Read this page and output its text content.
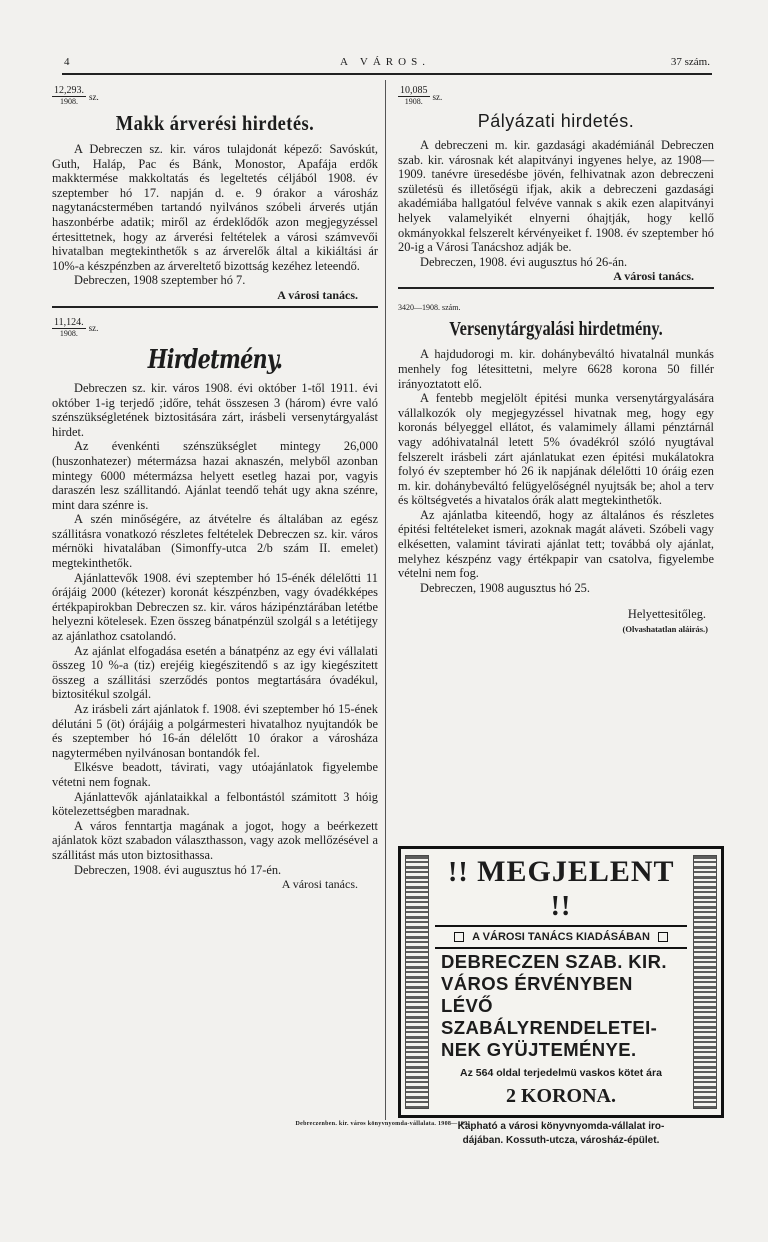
4	A VÁROS.	37 szám.
$\frac{12,293.}{1908.}$ sz.
Makk árverési hirdetés.

A Debreczen sz. kir. város tulajdonát képező: Savóskút, Guth, Haláp, Pac és Bánk, Monostor, Apafája erdők makktermése makkoltatás és legeltetés céljából 1908. év szeptember hó 17. napján d. e. 9 órakor a városház nagytanácstermében tartandó nyilvános szóbeli árverés utján haszonbérbe adatik; miről az érdeklődők azon megjegyzéssel értesittetnek, hogy az árverési feltételek a városi számvevői hivatalban megtekinthetők s az árverelők által a kikiáltási ár 10%-a készpénzben az árvereltető bizottság kezéhez leteendő.

Debreczen, 1908 szeptember hó 7.

A városi tanács.
$\frac{11,124.}{1908.}$ sz.
Hirdetmény.

Debreczen sz. kir. város 1908. évi október 1-től 1911. évi október 1-ig terjedő ;időre, tehát összesen 3 (három) évre való szénszükségletének biztositására zárt, irásbeli versenytárgyalást hirdet.

Az évenkénti szénszükséglet mintegy 26,000 (huszonhatezer) métermázsa hazai aknaszén, melyből azonban mintegy 6000 métermázsa helyett esetleg hazai por, vagyis daraszén lesz szállitandó. Ajánlat teendő tehát ugy akna szénre, mint dara szénre is.

A szén minőségére, az átvételre és általában az egész szállitásra vonatkozó részletes feltételek Debreczen sz. kir. város mérnöki hivatalában (Simonffy-utca 2/b szám II. emelet) megtekinthetők.

Ajánlattevők 1908. évi szeptember hó 15-énék délelőtti 11 órájáig 2000 (kétezer) koronát készpénzben, vagy óvadékképes értékpapirokban Debreczen sz. kir. város házipénztárában letétbe helyezni kötelesek. Ezen összeg bánatpénzül szolgál s a letétijegy az ajánlathoz csatolandó.

Az ajánlat elfogadása esetén a bánatpénz az egy évi vállalati összeg 10 %-a (tiz) erejéig kiegészitendő s az igy kiegészitett összeg a szállitási szerződés pontos megtartására óvadékul, biztositékul szolgál.

Az irásbeli zárt ajánlatok f. 1908. évi szeptember hó 15-ének délutáni 5 (öt) órájáig a polgármesteri hivatalhoz nyujtandók be és szeptember hó 16-án délelőtt 10 órakor a városháza nagytermében nyilvánosan bontandók fel.

Elkésve beadott, távirati, vagy utóajánlatok figyelembe vétetni nem fognak.

Ajánlattevők ajánlataikkal a felbontástól számitott 3 hóig kötelezettségben maradnak.

A város fenntartja magának a jogot, hogy a beérkezett ajánlatok közt szabadon választhasson, vagy azok mellőzésével a szállitást más uton biztosithassa.

Debreczen, 1908. évi augusztus hó 17-én.

A városi tanács.
$\frac{10,085}{1908.}$ sz.
Pályázati hirdetés.

A debreczeni m. kir. gazdasági akadémiánál Debreczen szab. kir. városnak két alapitványi ingyenes helye, az 1908—1909. tanévre üresedésbe jövén, felhivatnak azon debreczeni születésü és illetőségü ifjak, akik a debreczeni gazdasági akadémiába hallgatóul felvéve vannak s akik ezen alapitványi helyek valamelyikét elnyerni óhajtják, hogy kellő okmányokkal felszerelt kérvényeiket f. 1908. év szeptember hó 20-ig a Városi Tanácshoz adják be.

Debreczen, 1908. évi augusztus hó 26-án.

A városi tanács.
3420—1908. szám.
Versenytárgyalási hirdetmény.

A hajdudorogi m. kir. dohánybeváltó hivatalnál munkás menhely fog létesittetni, melyre 6628 korona 50 fillér irányoztatott elő.

A fentebb megjelölt épitési munka versenytárgyalására vállalkozók oly megjegyzéssel hivatnak meg, hogy egy koronás bélyeggel ellátot, és valamimely állami pénztárnál vagy adóhivatalnál letett 5% óvadékról szóló nyugtával felszerelt irásbeli zárt ajánlatukat ezen épitési mukálatokra folyó év szeptember hó 26 ik napjának délelőtti 10 óráig ezen m. kir. dohánybeváltó felügyelőségnél nyujtsák be; ahol a terv és költségvetés a hivatalos órák alatt megtekinthetők.

Az ajánlatba kiteendő, hogy az általános és részletes épitési feltételeket ismeri, azoknak magát aláveti. Szóbeli vagy elkésetten, valamint távirati ajánlat tett; továbbá oly ajánlat, melyhez készpénz vagy értékpapir van csatolva, figyelembe vételni nem fog.

Debreczen, 1908 augusztus hó 25.

Helyettesitőleg.

(Olvashatatlan aláirás.)

!! MEGJELENT !!
A VÁROSI TANÁCS KIADÁSÁBAN
DEBRECZEN SZAB. KIR.
VÁROS ÉRVÉNYBEN LÉVŐ
SZABÁLYRENDELETEI-
NEK GYÜJTEMÉNYE.
Az 564 oldal terjedelmü vaskos kötet ára
2 KORONA.
Kapható a városi könyvnyomda-vállalat iro-
dájában. Kossuth-utcza, városház-épület.
Debreczenben. kir. város könyvnyomda-vállalata. 1908—1691.
